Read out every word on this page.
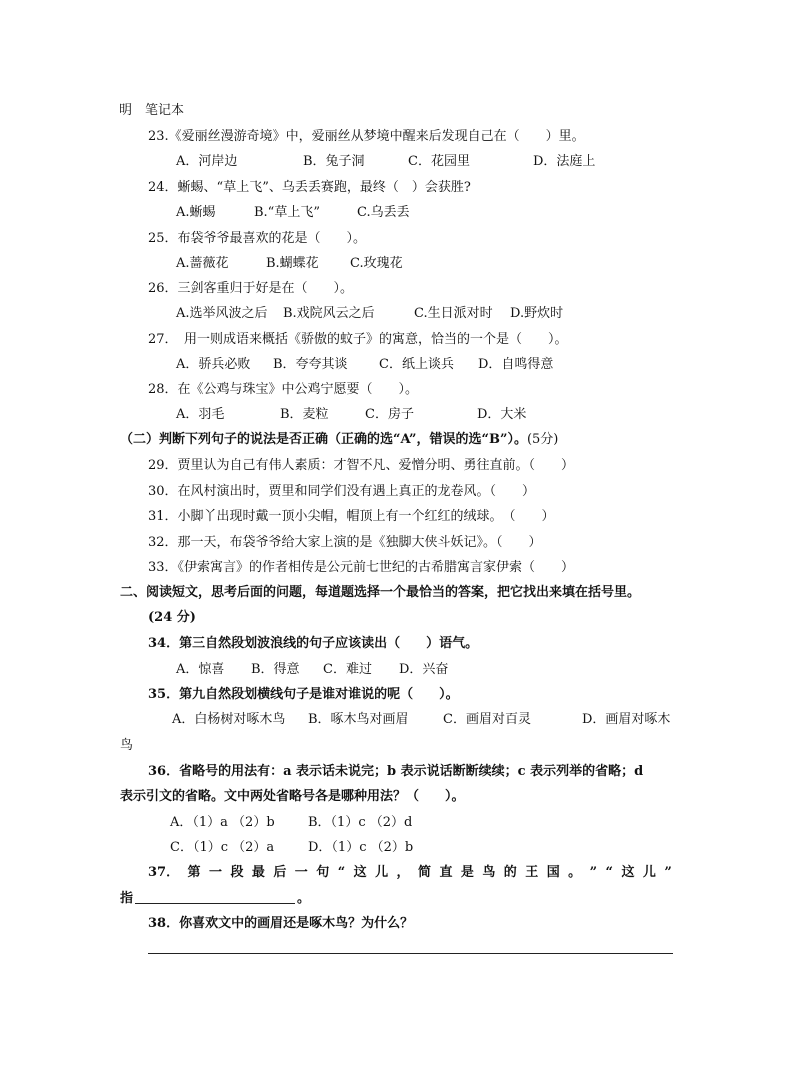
明　笔记本
23.《爱丽丝漫游奇境》中，爱丽丝从梦境中醒来后发现自己在（　　）里。
A．河岸边	B．兔子洞	C．花园里	D．法庭上
24．蜥蜴、“草上飞”、乌丢丢赛跑，最终（　）会获胜?
A.蜥蜴	B.“草上飞”	C.乌丢丢
25．布袋爷爷最喜欢的花是（　　）。
A.蔷薇花	B.蝴蝶花 C.玫瑰花
26．三剑客重归于好是在（　　）。
A.选举风波之后 B.戏院风云之后	C.生日派对时 D.野炊时
27．　用一则成语来概括《骄傲的蚊子》的寓意，恰当的一个是（　　）。
A．骄兵必败 B．夸夸其谈 C．纸上谈兵 D．自鸣得意
28．在《公鸡与珠宝》中公鸡宁愿要（　　）。
A．羽毛	B．麦粒	C．房子	D．大米
（二）判断下列句子的说法是否正确（正确的选“A”，错误的选“B”）。(5分)
29．贾里认为自己有伟人素质：才智不凡、爱憎分明、勇往直前。（　　）
30．在风村演出时，贾里和同学们没有遇上真正的龙卷风。（　　）
31．小脚丫出现时戴一顶小尖帽，帽顶上有一个红红的绒球。　（　　）
32．那一天，布袋爷爷给大家上演的是《独脚大侠斗妖记》。（　　）
33．《伊索寓言》的作者相传是公元前七世纪的古希腊寓言家伊索（　　）
二、阅读短文，思考后面的问题，每道题选择一个最恰当的答案，把它找出来填在括号里。
(24 分)
34．第三自然段划波浪线的句子应该读出（　　）语气。
A．惊喜 B．得意 C．难过 D．兴奋
35．第九自然段划横线句子是谁对谁说的呢（　　）。
A．白杨树对啄木鸟 B．啄木鸟对画眉	C．画眉对百灵	D．画眉对啄木
鸟
36．省略号的用法有：a 表示话未说完；b 表示说话断断续续；c 表示列举的省略；d
表示引文的省略。文中两处省略号各是哪种用法？（　　）。
A．（1）a （2）b	B．（1）c （2）d
C．（1）c （2）a	D．（1）c （2）b
37． 第 一 段 最 后 一 句 “ 这 儿 ， 简 直 是 鸟 的 王 国 。 ” “ 这 儿 ”
指	。
38．你喜欢文中的画眉还是啄木鸟？为什么？
